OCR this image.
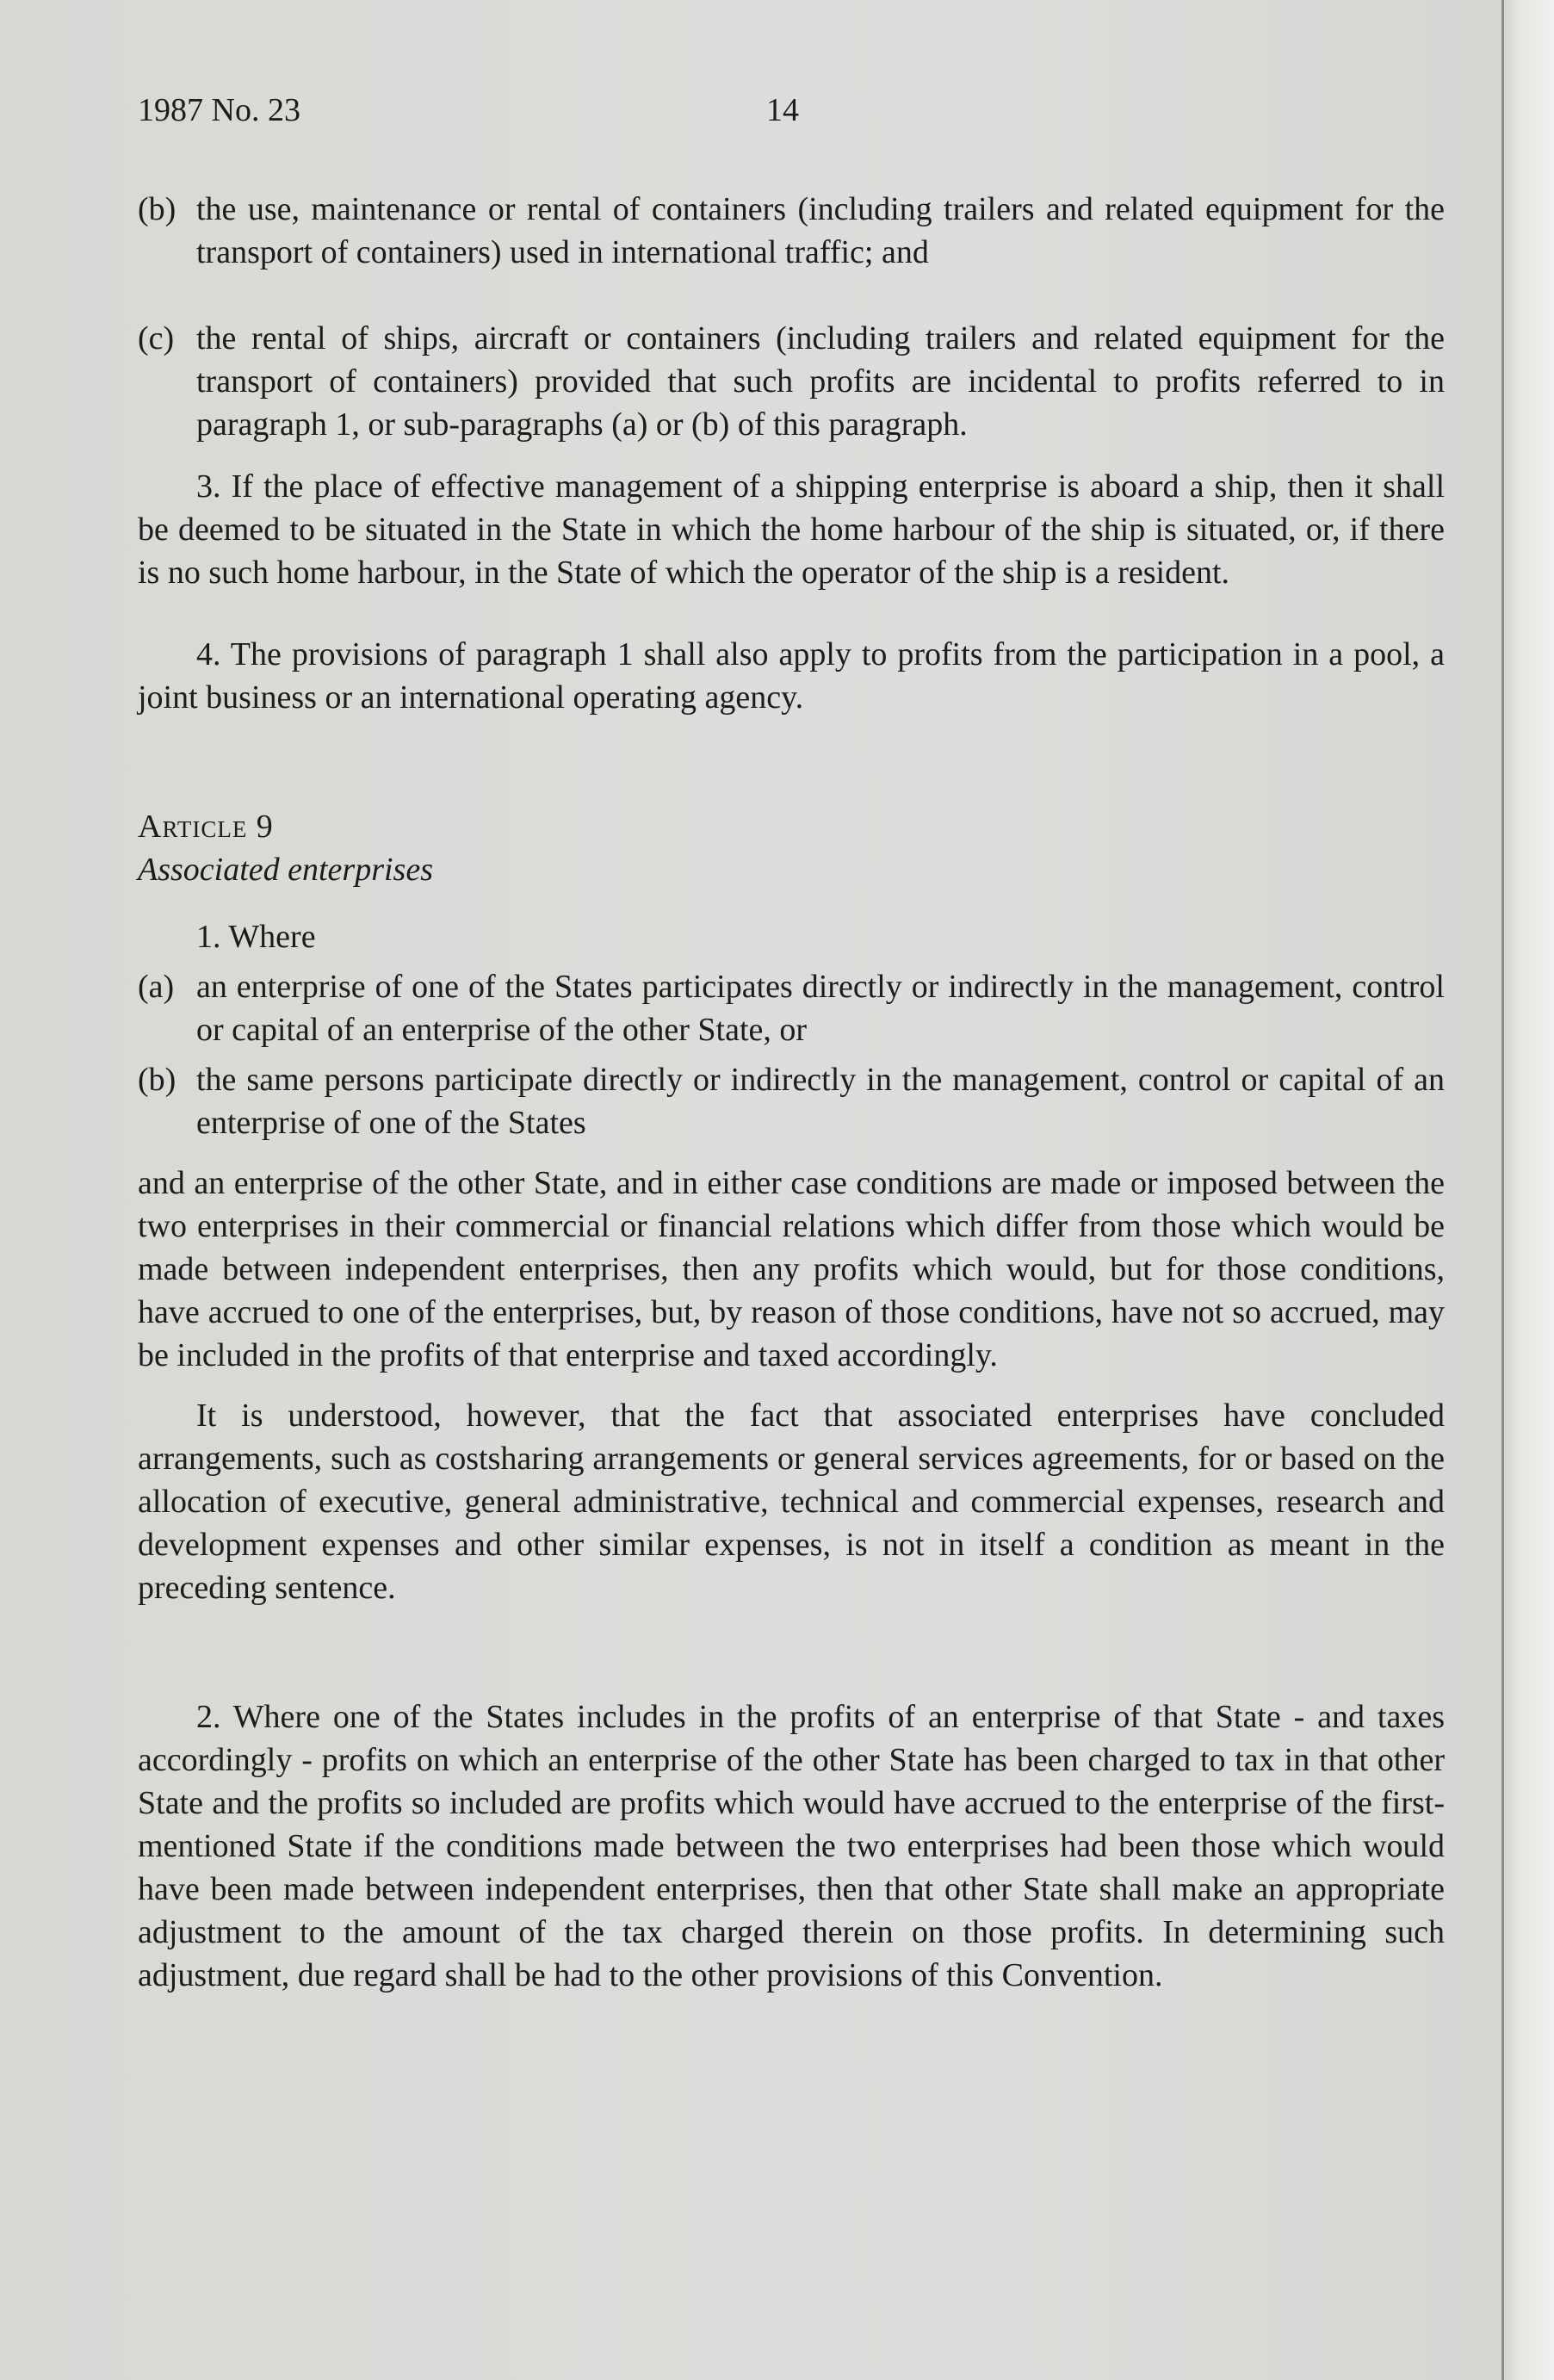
1987 No. 23	14
(b) the use, maintenance or rental of containers (including trailers and related equipment for the transport of containers) used in international traffic; and
(c) the rental of ships, aircraft or containers (including trailers and related equipment for the transport of containers) provided that such profits are incidental to profits referred to in paragraph 1, or sub-paragraphs (a) or (b) of this paragraph.

3. If the place of effective management of a shipping enterprise is aboard a ship, then it shall be deemed to be situated in the State in which the home harbour of the ship is situated, or, if there is no such home harbour, in the State of which the operator of the ship is a resident.

4. The provisions of paragraph 1 shall also apply to profits from the participation in a pool, a joint business or an international operating agency.

Article 9

Associated enterprises

1. Where

(a) an enterprise of one of the States participates directly or indirectly in the management, control or capital of an enterprise of the other State, or
(b) the same persons participate directly or indirectly in the management, control or capital of an enterprise of one of the States

and an enterprise of the other State, and in either case conditions are made or imposed between the two enterprises in their commercial or financial relations which differ from those which would be made between independent enterprises, then any profits which would, but for those conditions, have accrued to one of the enterprises, but, by reason of those conditions, have not so accrued, may be included in the profits of that enterprise and taxed accordingly.

It is understood, however, that the fact that associated enterprises have concluded arrangements, such as costsharing arrangements or general services agreements, for or based on the allocation of executive, general administrative, technical and commercial expenses, research and development expenses and other similar expenses, is not in itself a condition as meant in the preceding sentence.

2. Where one of the States includes in the profits of an enterprise of that State - and taxes accordingly - profits on which an enterprise of the other State has been charged to tax in that other State and the profits so included are profits which would have accrued to the enterprise of the first-mentioned State if the conditions made between the two enterprises had been those which would have been made between independent enterprises, then that other State shall make an appropriate adjustment to the amount of the tax charged therein on those profits. In determining such adjustment, due regard shall be had to the other provisions of this Convention.
